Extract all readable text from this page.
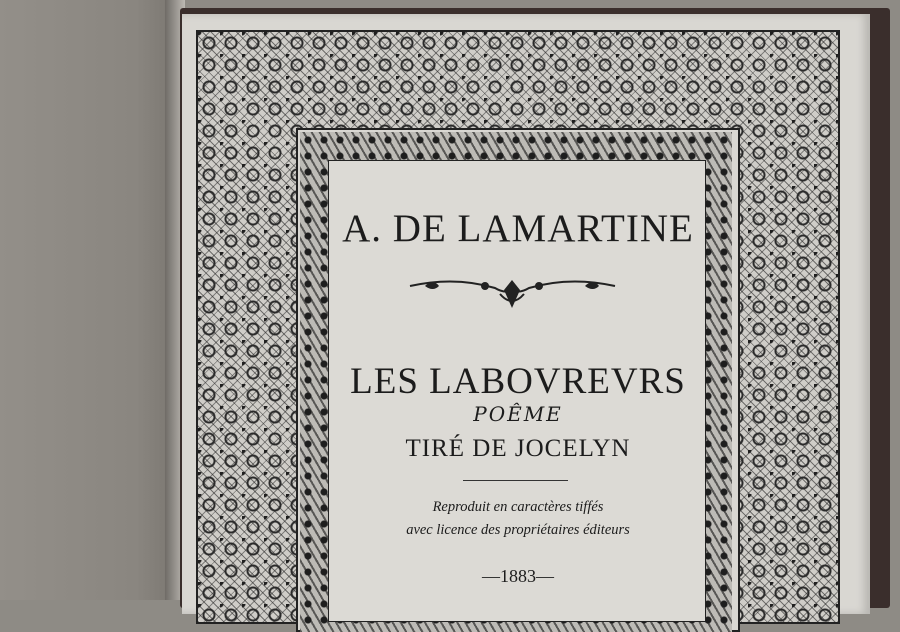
A. DE LAMARTINE
LES LABOVREVRS
POÊME
TIRÉ DE JOCELYN
Reproduit en caractères tiffés
avec licence des propriétaires éditeurs
—1883—
